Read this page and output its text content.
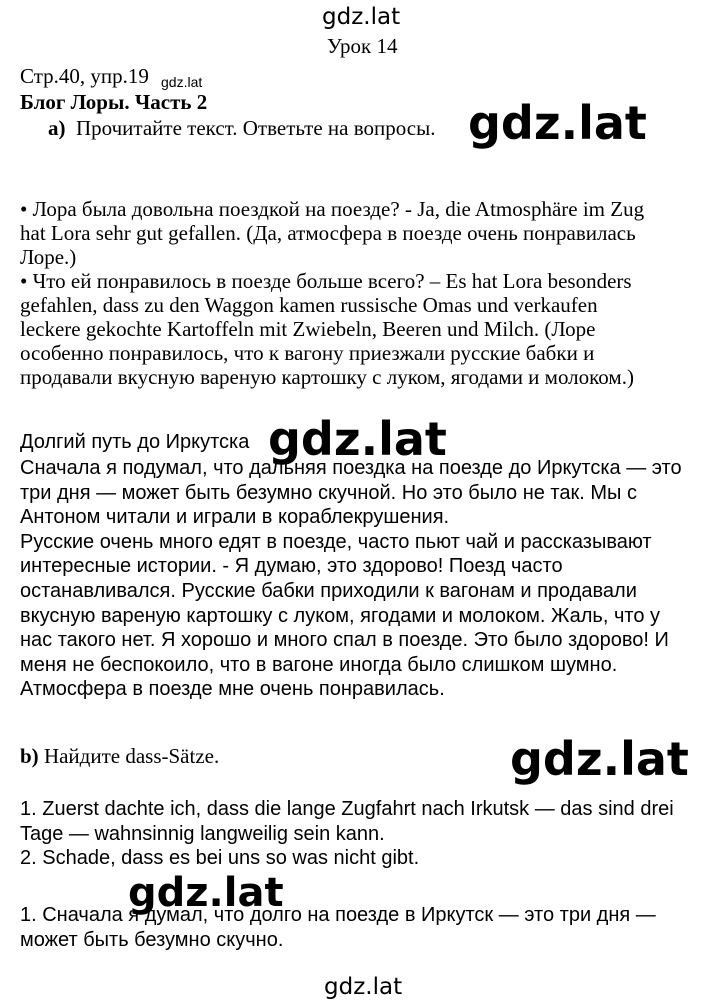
gdz.lat
Урок 14
Стр.40, упр.19 gdz.lat
Блог Лоры. Часть 2
а) Прочитайте текст. Ответьте на вопросы. gdz.lat

• Лора была довольна поездкой на поезде? - Ja, die Atmosphäre im Zug

hat Lora sehr gut gefallen. (Да, атмосфера в поезде очень понравилась

Лоре.)

• Что ей понравилось в поезде больше всего? – Es hat Lora besonders

gefahlen, dass zu den Waggon kamen russische Omas und verkaufen

leckere gekochte Kartoffeln mit Zwiebeln, Beeren und Milch. (Лоре

особенно понравилось, что к вагону приезжали русские бабки и

продавали вкусную вареную картошку с луком, ягодами и молоком.)

Долгий путь до Иркутска gdz.lat

Сначала я подумал, что дальняя поездка на поезде до Иркутска — это

три дня — может быть безумно скучной. Но это было не так. Мы с

Антоном читали и играли в кораблекрушения.

Русские очень много едят в поезде, часто пьют чай и рассказывают

интересные истории. - Я думаю, это здорово! Поезд часто

останавливался. Русские бабки приходили к вагонам и продавали

вкусную вареную картошку с луком, ягодами и молоком. Жаль, что у

нас такого нет. Я хорошо и много спал в поезде. Это было здорово! И

меня не беспокоило, что в вагоне иногда было слишком шумно.

Атмосфера в поезде мне очень понравилась.

b) Найдите dass-Sätze.	gdz.lat

1. Zuerst dachte ich, dass die lange Zugfahrt nach Irkutsk — das sind drei

Tage — wahnsinnig langweilig sein kann.

2. Schade, dass es bei uns so was nicht gibt.

1. Сначала я думал, что долго на поезде в Иркутск — это три дня —

может быть безумно скучно.

gdz.lat
gdz.lat
